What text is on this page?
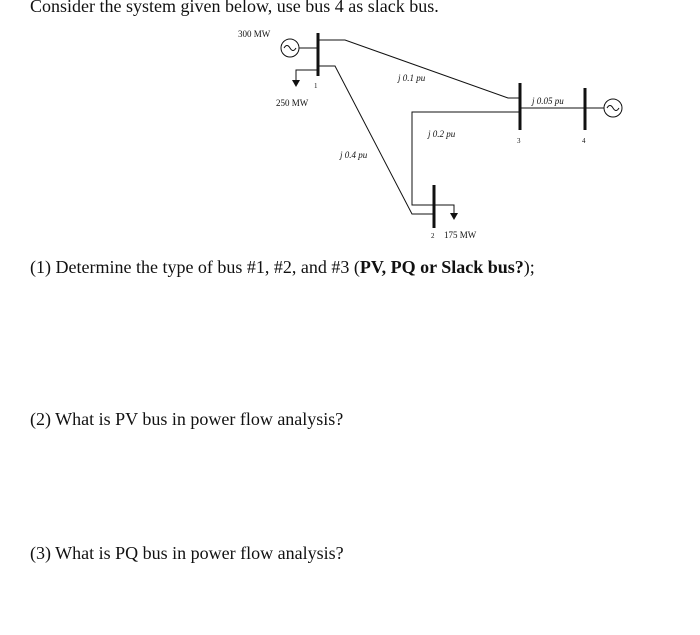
Consider the system given below, use bus 4 as slack bus.
300 MW
1
250 MW
j 0.1 pu
j 0.4 pu
j 0.2 pu
3
j 0.05 pu
4
2 175 MW
(1) Determine the type of bus #1, #2, and #3 (PV, PQ or Slack bus?);
(2) What is PV bus in power flow analysis?
(3) What is PQ bus in power flow analysis?
